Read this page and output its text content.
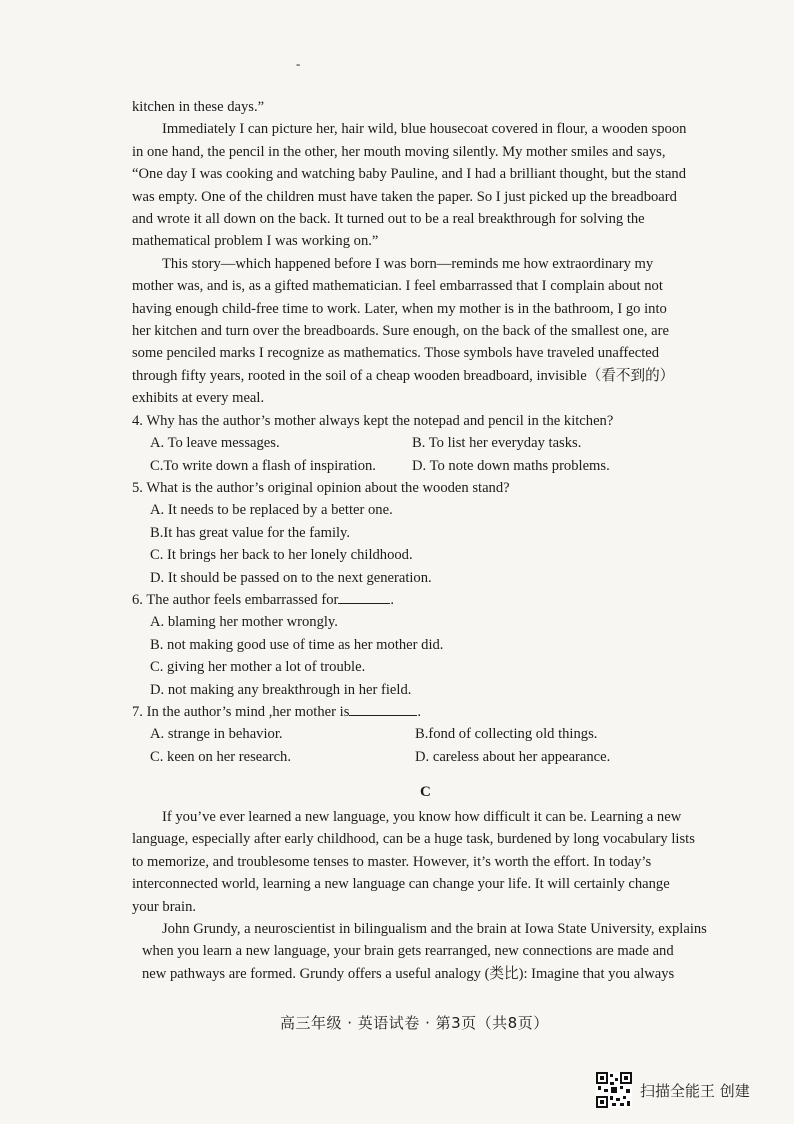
-

kitchen in these days.”

Immediately I can picture her, hair wild, blue housecoat covered in flour, a wooden spoon

in one hand, the pencil in the other, her mouth moving silently. My mother smiles and says,
“One day I was cooking and watching baby Pauline, and I had a brilliant thought, but the stand
was empty. One of the children must have taken the paper. So I just picked up the breadboard
and wrote it all down on the back. It turned out to be a real breakthrough for solving the
mathematical problem I was working on.”

This story—which happened before I was born—reminds me how extraordinary my

mother was, and is, as a gifted mathematician. I feel embarrassed that I complain about not
having enough child-free time to work. Later, when my mother is in the bathroom, I go into
her kitchen and turn over the breadboards. Sure enough, on the back of the smallest one, are
some penciled marks I recognize as mathematics. Those symbols have traveled unaffected
through fifty years, rooted in the soil of a cheap wooden breadboard, invisible（看不到的）
exhibits at every meal.

4. Why has the author’s mother always kept the notepad and pencil in the kitchen?

A. To leave messages.	B. To list her everyday tasks.
C.To write down a flash of inspiration.	D. To note down maths problems.

5. What is the author’s original opinion about the wooden stand?

A. It needs to be replaced by a better one.
B.It has great value for the family.
C. It brings her back to her lonely childhood.
D. It should be passed on to the next generation.

6. The author feels embarrassed for	.

A. blaming her mother wrongly.
B. not making good use of time as her mother did.
C. giving her mother a lot of trouble.
D. not making any breakthrough in her field.

7. In the author’s mind ,her mother is	.

A. strange in behavior.	B.fond of collecting old things.
C. keen on her research.	D. careless about her appearance.
C

If you’ve ever learned a new language, you know how difficult it can be. Learning a new

language, especially after early childhood, can be a huge task, burdened by long vocabulary lists
to memorize, and troublesome tenses to master. However, it’s worth the effort. In today’s
interconnected world, learning a new language can change your life. It will certainly change
your brain.

John Grundy, a neuroscientist in bilingualism and the brain at Iowa State University, explains

when you learn a new language, your brain gets rearranged, new connections are made and
new pathways are formed. Grundy offers a useful analogy (类比): Imagine that you always

高三年级 · 英语试卷 · 第3页（共8页）
扫描全能王 创建
